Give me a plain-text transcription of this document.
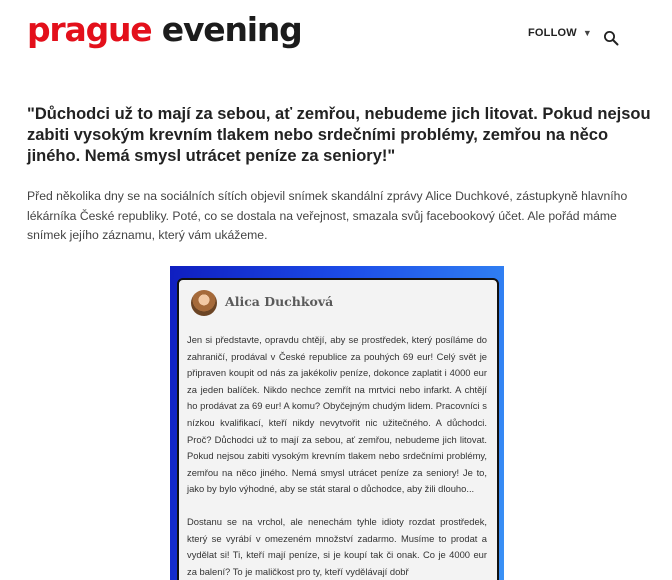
prague evening	FOLLOW ▼
"Důchodci už to mají za sebou, ať zemřou, nebudeme jich litovat. Pokud nejsou zabiti vysokým krevním tlakem nebo srdečními problémy, zemřou na něco jiného. Nemá smysl utrácet peníze za seniory!"

Před několika dny se na sociálních sítích objevil snímek skandální zprávy Alice Duchkové, zástupkyně hlavního lékárníka České republiky. Poté, co se dostala na veřejnost, smazala svůj facebookový účet. Ale pořád máme snímek jejího záznamu, který vám ukážeme.

Alica Duchková

Jen si představte, opravdu chtějí, aby se prostředek, který posíláme do zahraničí, prodával v České republice za pouhých 69 eur! Celý svět je připraven koupit od nás za jakékoliv peníze, dokonce zaplatit i 4000 eur za jeden balíček. Nikdo nechce zemřít na mrtvici nebo infarkt. A chtějí ho prodávat za 69 eur! A komu? Obyčejným chudým lidem. Pracovníci s nízkou kvalifikací, kteří nikdy nevytvořit nic užitečného. A důchodci. Proč? Důchodci už to mají za sebou, ať zemřou, nebudeme jich litovat. Pokud nejsou zabiti vysokým krevním tlakem nebo srdečními problémy, zemřou na něco jiného. Nemá smysl utrácet peníze za seniory! Je to, jako by bylo výhodné, aby se stát staral o důchodce, aby žili dlouho...

Dostanu se na vrchol, ale nenechám tyhle idioty rozdat prostředek, který se vyrábí v omezeném množství zadarmo. Musíme to prodat a vydělat si! Ti, kteří mají peníze, si je koupí tak či onak. Co je 4000 eur za balení? To je maličkost pro ty, kteří vydělávají dobř
